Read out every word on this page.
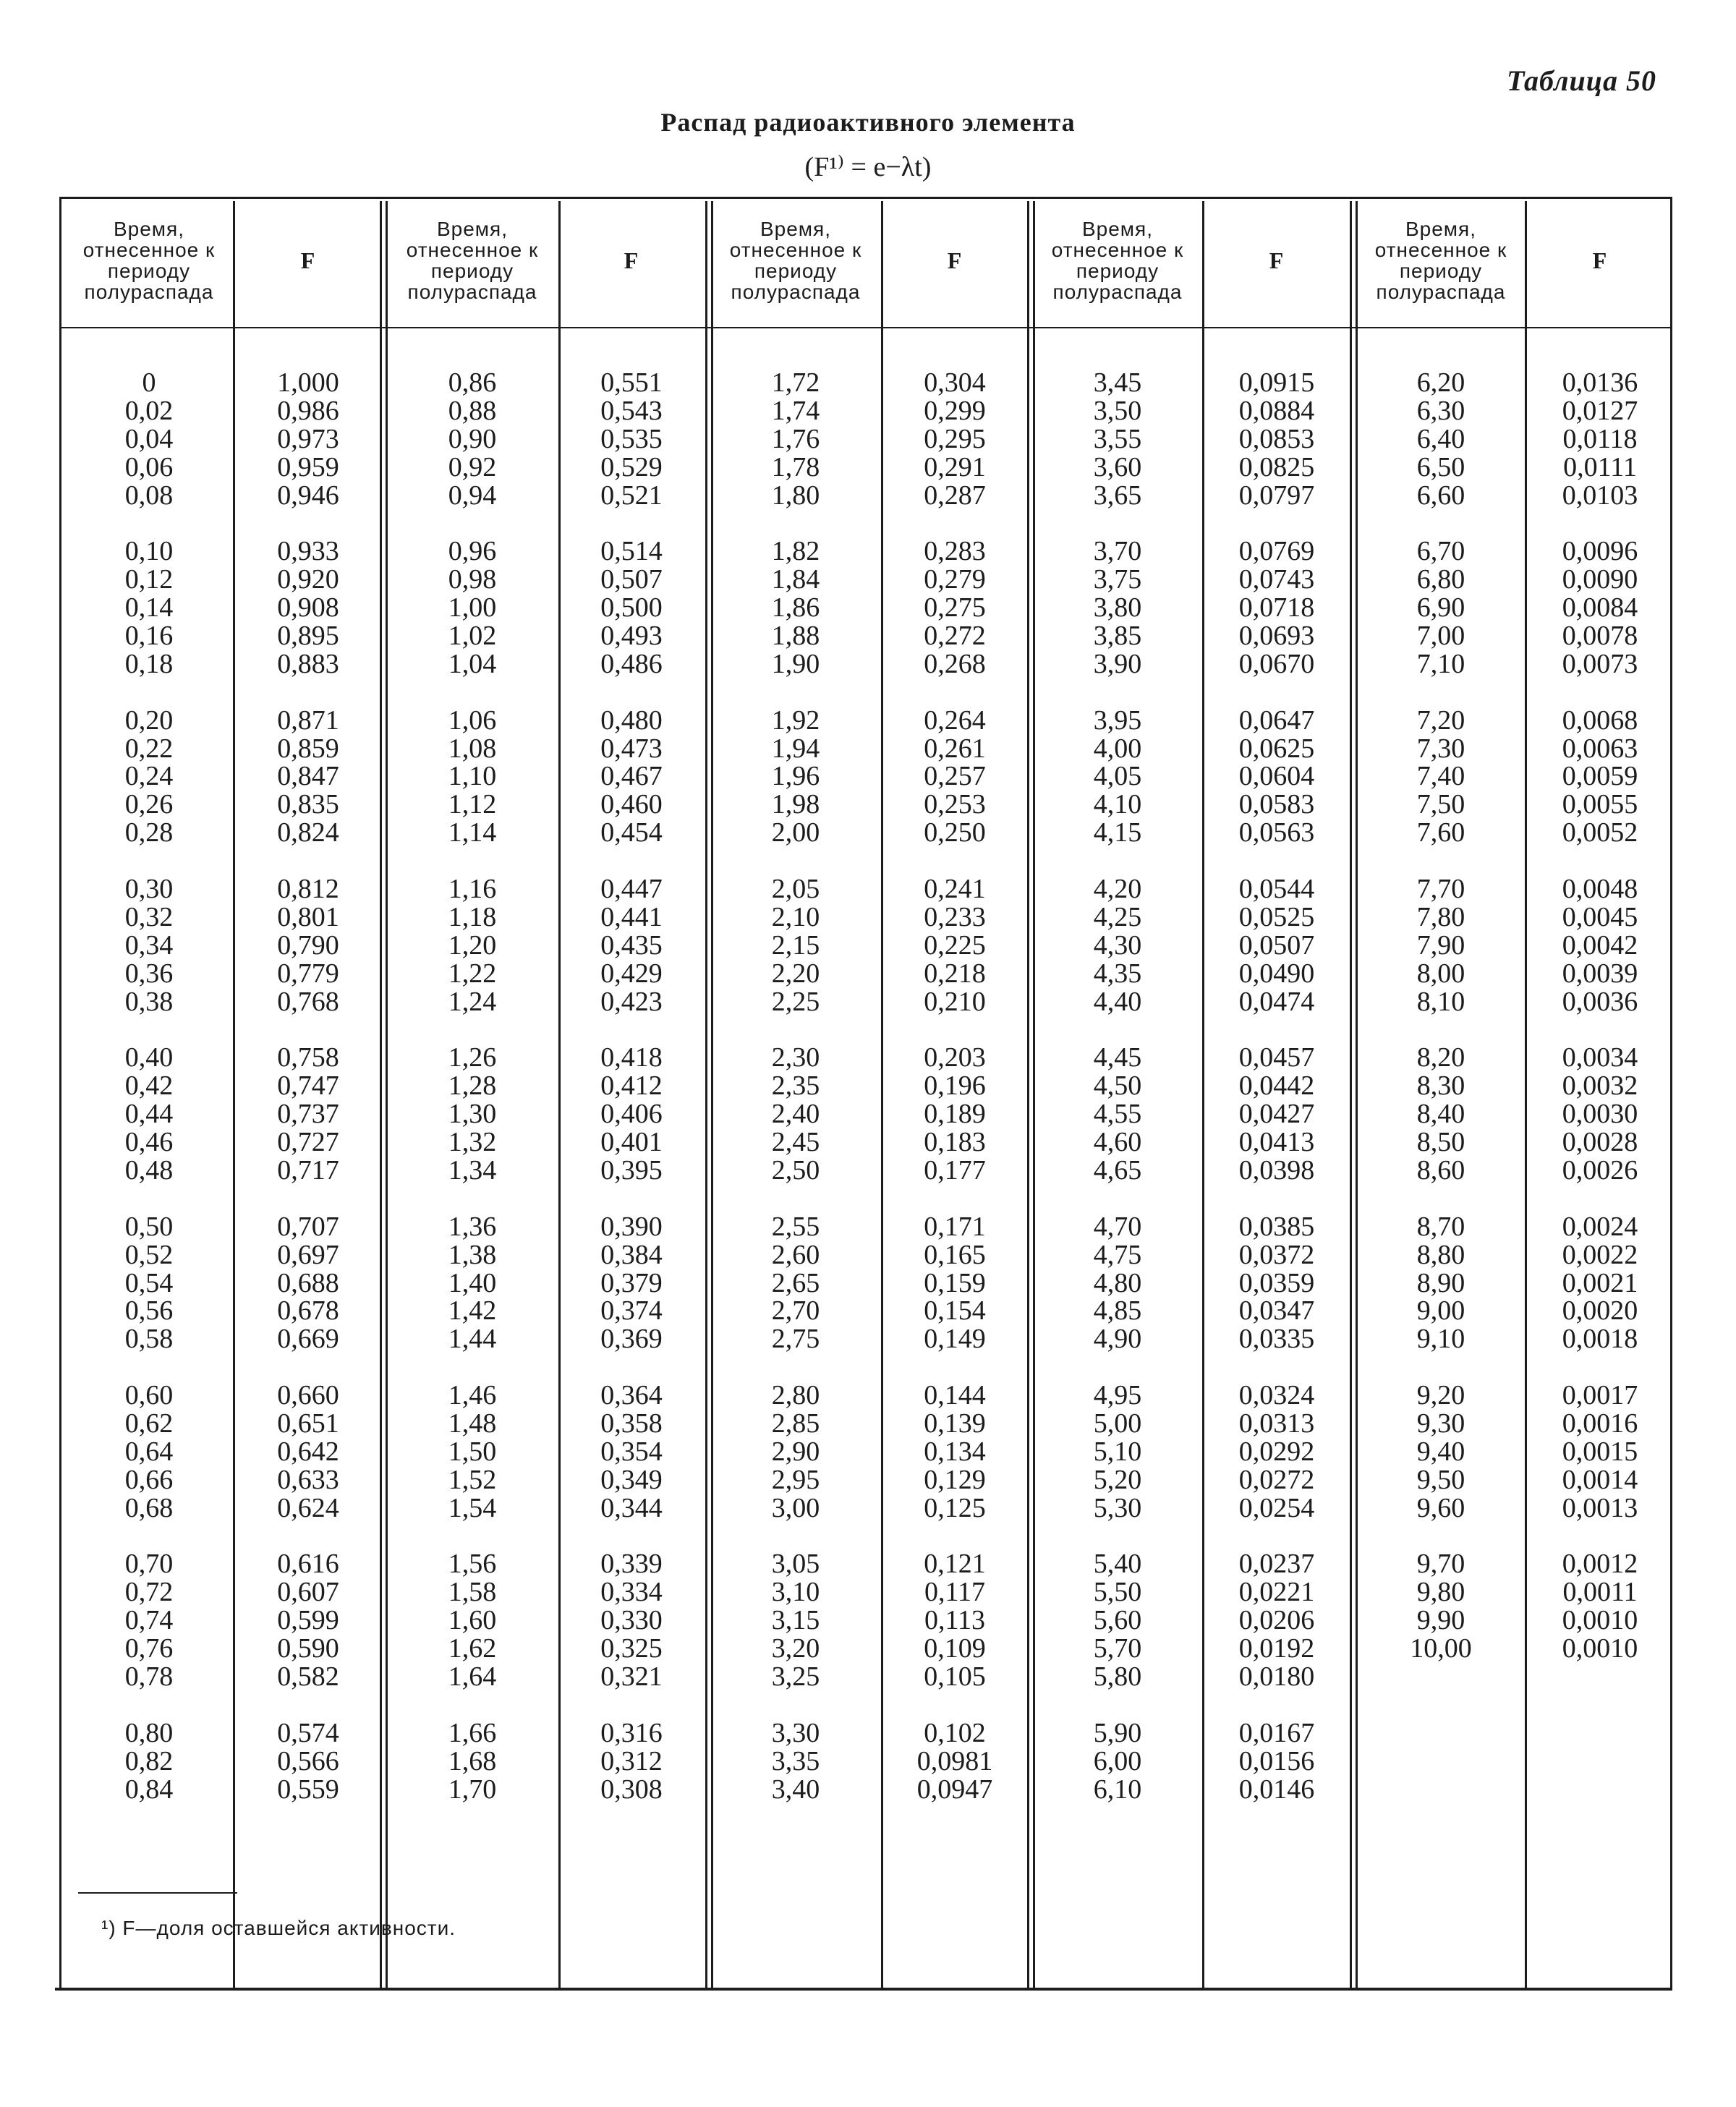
Таблица 50
Распад радиоактивного элемента
(F¹⁾ = e−λt)
Время, отнесенное к периоду полураспада
F
0
0,02
0,04
0,06
0,08
0,10
0,12
0,14
0,16
0,18
0,20
0,22
0,24
0,26
0,28
0,30
0,32
0,34
0,36
0,38
0,40
0,42
0,44
0,46
0,48
0,50
0,52
0,54
0,56
0,58
0,60
0,62
0,64
0,66
0,68
0,70
0,72
0,74
0,76
0,78
0,80
0,82
0,84
1,000
0,986
0,973
0,959
0,946
0,933
0,920
0,908
0,895
0,883
0,871
0,859
0,847
0,835
0,824
0,812
0,801
0,790
0,779
0,768
0,758
0,747
0,737
0,727
0,717
0,707
0,697
0,688
0,678
0,669
0,660
0,651
0,642
0,633
0,624
0,616
0,607
0,599
0,590
0,582
0,574
0,566
0,559
Время, отнесенное к периоду полураспада
F
0,86
0,88
0,90
0,92
0,94
0,96
0,98
1,00
1,02
1,04
1,06
1,08
1,10
1,12
1,14
1,16
1,18
1,20
1,22
1,24
1,26
1,28
1,30
1,32
1,34
1,36
1,38
1,40
1,42
1,44
1,46
1,48
1,50
1,52
1,54
1,56
1,58
1,60
1,62
1,64
1,66
1,68
1,70
0,551
0,543
0,535
0,529
0,521
0,514
0,507
0,500
0,493
0,486
0,480
0,473
0,467
0,460
0,454
0,447
0,441
0,435
0,429
0,423
0,418
0,412
0,406
0,401
0,395
0,390
0,384
0,379
0,374
0,369
0,364
0,358
0,354
0,349
0,344
0,339
0,334
0,330
0,325
0,321
0,316
0,312
0,308
Время, отнесенное к периоду полураспада
F
1,72
1,74
1,76
1,78
1,80
1,82
1,84
1,86
1,88
1,90
1,92
1,94
1,96
1,98
2,00
2,05
2,10
2,15
2,20
2,25
2,30
2,35
2,40
2,45
2,50
2,55
2,60
2,65
2,70
2,75
2,80
2,85
2,90
2,95
3,00
3,05
3,10
3,15
3,20
3,25
3,30
3,35
3,40
0,304
0,299
0,295
0,291
0,287
0,283
0,279
0,275
0,272
0,268
0,264
0,261
0,257
0,253
0,250
0,241
0,233
0,225
0,218
0,210
0,203
0,196
0,189
0,183
0,177
0,171
0,165
0,159
0,154
0,149
0,144
0,139
0,134
0,129
0,125
0,121
0,117
0,113
0,109
0,105
0,102
0,0981
0,0947
Время, отнесенное к периоду полураспада
F
3,45
3,50
3,55
3,60
3,65
3,70
3,75
3,80
3,85
3,90
3,95
4,00
4,05
4,10
4,15
4,20
4,25
4,30
4,35
4,40
4,45
4,50
4,55
4,60
4,65
4,70
4,75
4,80
4,85
4,90
4,95
5,00
5,10
5,20
5,30
5,40
5,50
5,60
5,70
5,80
5,90
6,00
6,10
0,0915
0,0884
0,0853
0,0825
0,0797
0,0769
0,0743
0,0718
0,0693
0,0670
0,0647
0,0625
0,0604
0,0583
0,0563
0,0544
0,0525
0,0507
0,0490
0,0474
0,0457
0,0442
0,0427
0,0413
0,0398
0,0385
0,0372
0,0359
0,0347
0,0335
0,0324
0,0313
0,0292
0,0272
0,0254
0,0237
0,0221
0,0206
0,0192
0,0180
0,0167
0,0156
0,0146
Время, отнесенное к периоду полураспада
F
6,20
6,30
6,40
6,50
6,60
6,70
6,80
6,90
7,00
7,10
7,20
7,30
7,40
7,50
7,60
7,70
7,80
7,90
8,00
8,10
8,20
8,30
8,40
8,50
8,60
8,70
8,80
8,90
9,00
9,10
9,20
9,30
9,40
9,50
9,60
9,70
9,80
9,90
10,00
0,0136
0,0127
0,0118
0,0111
0,0103
0,0096
0,0090
0,0084
0,0078
0,0073
0,0068
0,0063
0,0059
0,0055
0,0052
0,0048
0,0045
0,0042
0,0039
0,0036
0,0034
0,0032
0,0030
0,0028
0,0026
0,0024
0,0022
0,0021
0,0020
0,0018
0,0017
0,0016
0,0015
0,0014
0,0013
0,0012
0,0011
0,0010
0,0010
¹) F—доля оставшейся активности.
